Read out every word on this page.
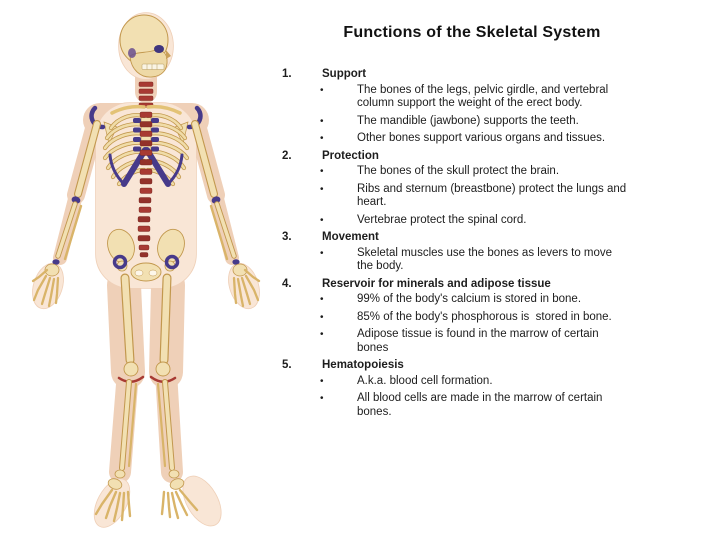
Functions of the Skeletal System
1.	Support
•	The bones of the legs, pelvic girdle, and vertebral column support the weight of the erect body.
•	The mandible (jawbone) supports the teeth.
•	Other bones support various organs and tissues.
2.	Protection
•	The bones of the skull protect the brain.
•	Ribs and sternum (breastbone) protect the lungs and heart.
•	Vertebrae protect the spinal cord.
3.	Movement
•	Skeletal muscles use the bones as levers to move the body.
4.	Reservoir for minerals and adipose tissue
•	99% of the body's calcium is stored in bone.
•	85% of the body's phosphorous is  stored in bone.
•	Adipose tissue is found in the marrow of certain bones
5.	Hematopoiesis
•	A.k.a. blood cell formation.
•	All blood cells are made in the marrow of certain bones.
